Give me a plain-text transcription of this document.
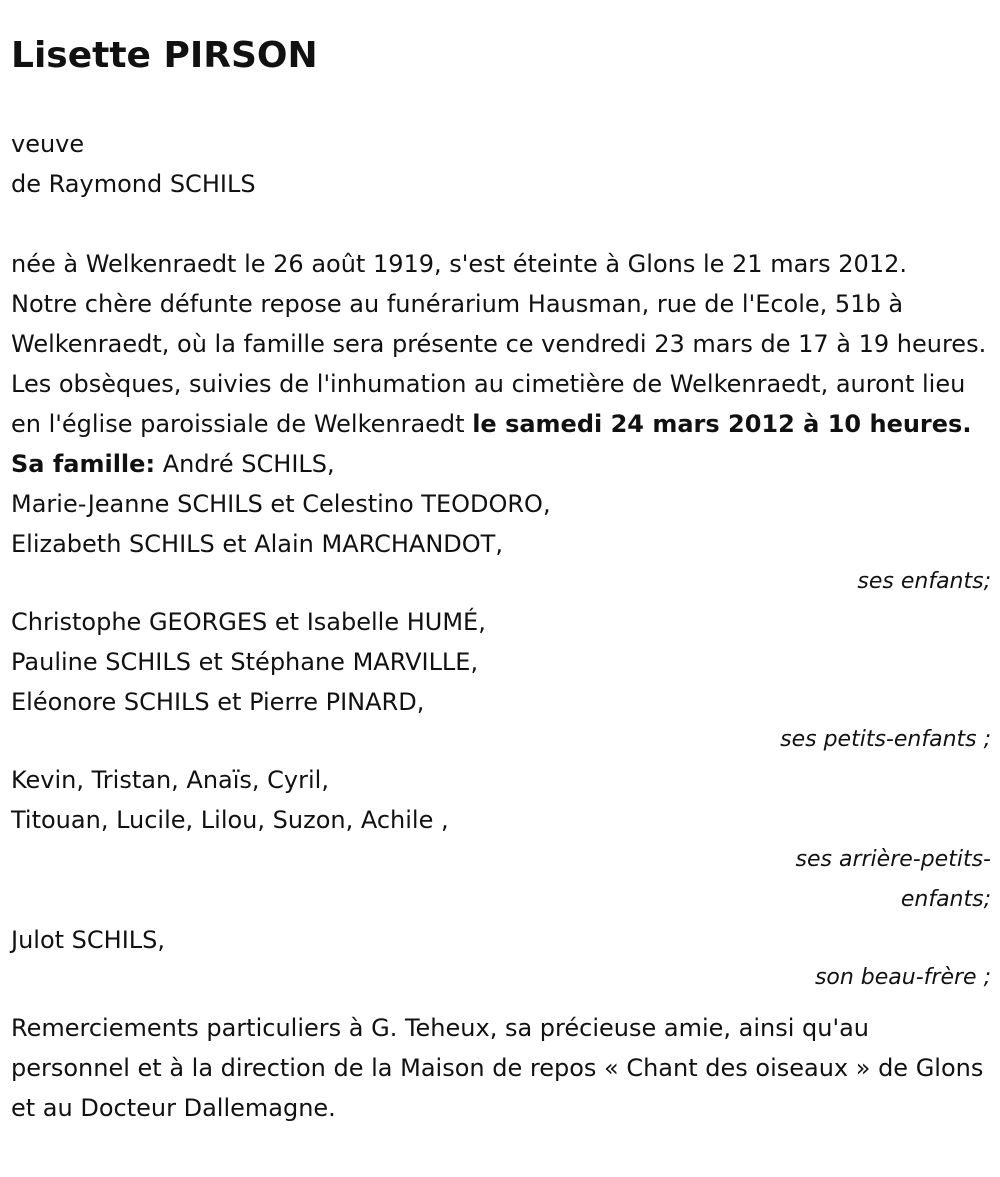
Lisette PIRSON
veuve
de Raymond SCHILS

née à Welkenraedt le 26 août 1919, s'est éteinte à Glons le 21 mars 2012.

Notre chère défunte repose au funérarium Hausman, rue de l'Ecole, 51b à Welkenraedt, où la famille sera présente ce vendredi 23 mars de 17 à 19 heures.

Les obsèques, suivies de l'inhumation au cimetière de Welkenraedt, auront lieu en l'église paroissiale de Welkenraedt le samedi 24 mars 2012 à 10 heures.

Sa famille: André SCHILS,

Marie-Jeanne SCHILS et Celestino TEODORO,

Elizabeth SCHILS et Alain MARCHANDOT,

ses enfants;

Christophe GEORGES et Isabelle HUMÉ,

Pauline SCHILS et Stéphane MARVILLE,

Eléonore SCHILS et Pierre PINARD,

ses petits-enfants ;

Kevin, Tristan, Anaïs, Cyril,

Titouan, Lucile, Lilou, Suzon, Achile ,

ses arrière-petits-enfants;

Julot SCHILS,

son beau-frère ;

Remerciements particuliers à G. Teheux, sa précieuse amie, ainsi qu'au personnel et à la direction de la Maison de repos « Chant des oiseaux » de Glons et au Docteur Dallemagne.
